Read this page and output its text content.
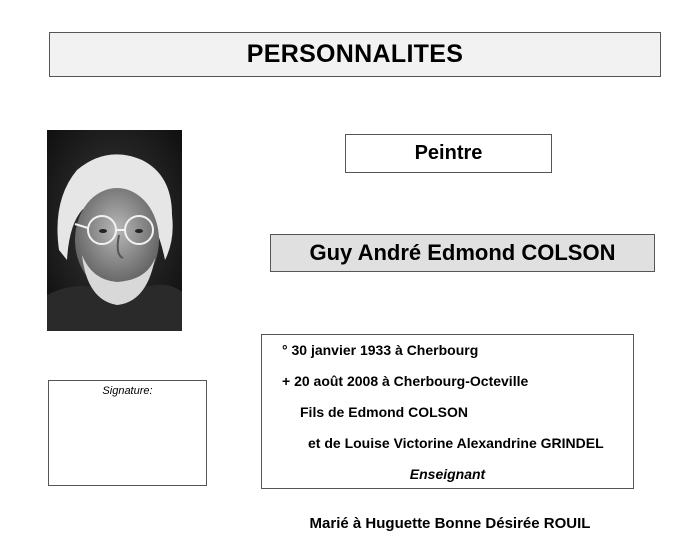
PERSONNALITES
Peintre
Guy André Edmond COLSON
Signature:
° 30 janvier 1933 à Cherbourg
+ 20 août 2008 à Cherbourg-Octeville
Fils de Edmond COLSON
et de Louise Victorine Alexandrine GRINDEL
Enseignant
Marié à Huguette Bonne Désirée ROUIL
